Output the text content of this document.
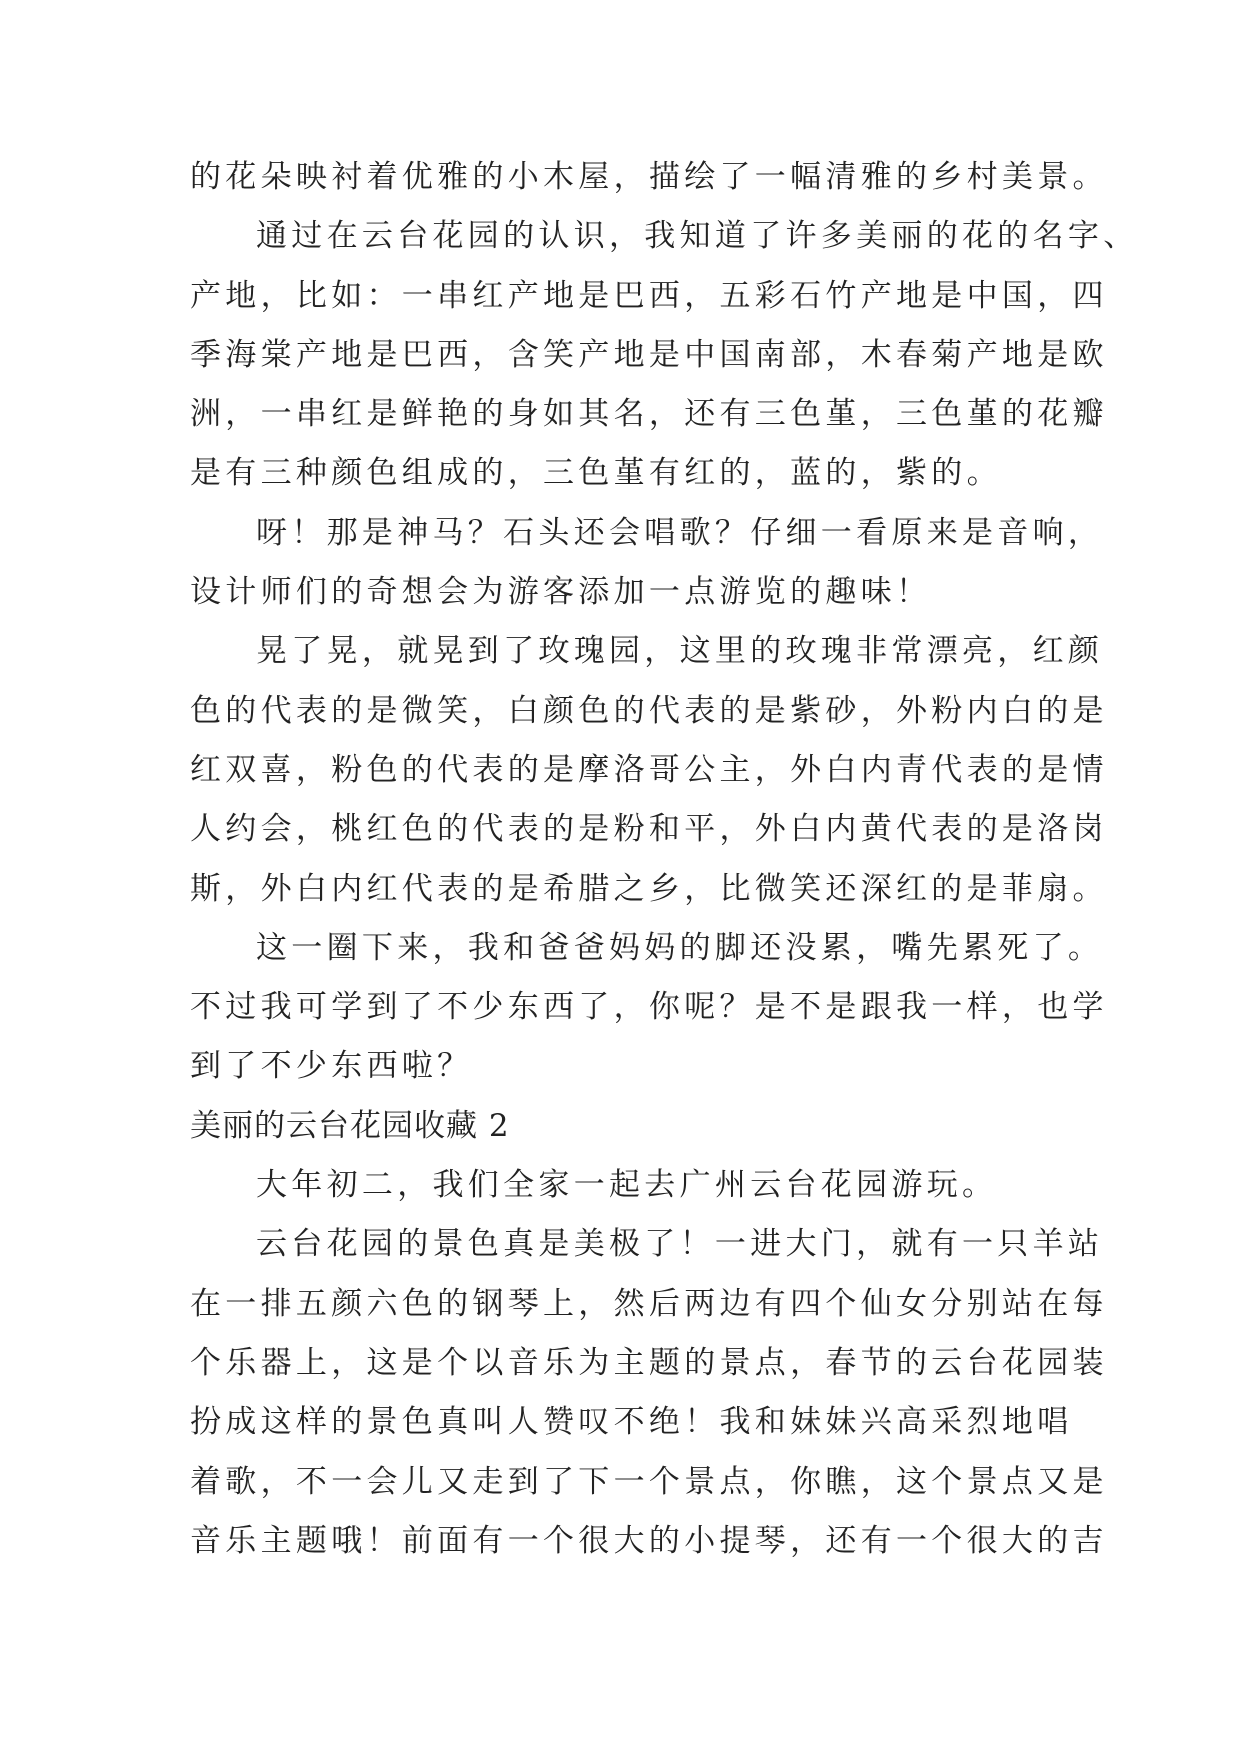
的花朵映衬着优雅的小木屋，描绘了一幅清雅的乡村美景。

通过在云台花园的认识，我知道了许多美丽的花的名字、

产地，比如：一串红产地是巴西，五彩石竹产地是中国，四

季海棠产地是巴西，含笑产地是中国南部，木春菊产地是欧

洲，一串红是鲜艳的身如其名，还有三色堇，三色堇的花瓣

是有三种颜色组成的，三色堇有红的，蓝的，紫的。

呀！那是神马？石头还会唱歌？仔细一看原来是音响，

设计师们的奇想会为游客添加一点游览的趣味！

晃了晃，就晃到了玫瑰园，这里的玫瑰非常漂亮，红颜

色的代表的是微笑，白颜色的代表的是紫砂，外粉内白的是

红双喜，粉色的代表的是摩洛哥公主，外白内青代表的是情

人约会，桃红色的代表的是粉和平，外白内黄代表的是洛岗

斯，外白内红代表的是希腊之乡，比微笑还深红的是菲扇。

这一圈下来，我和爸爸妈妈的脚还没累，嘴先累死了。

不过我可学到了不少东西了，你呢？是不是跟我一样，也学

到了不少东西啦？

美丽的云台花园收藏 2

大年初二，我们全家一起去广州云台花园游玩。

云台花园的景色真是美极了！一进大门，就有一只羊站

在一排五颜六色的钢琴上，然后两边有四个仙女分别站在每

个乐器上，这是个以音乐为主题的景点，春节的云台花园装

扮成这样的景色真叫人赞叹不绝！我和妹妹兴高采烈地唱

着歌，不一会儿又走到了下一个景点，你瞧，这个景点又是

音乐主题哦！前面有一个很大的小提琴，还有一个很大的吉
